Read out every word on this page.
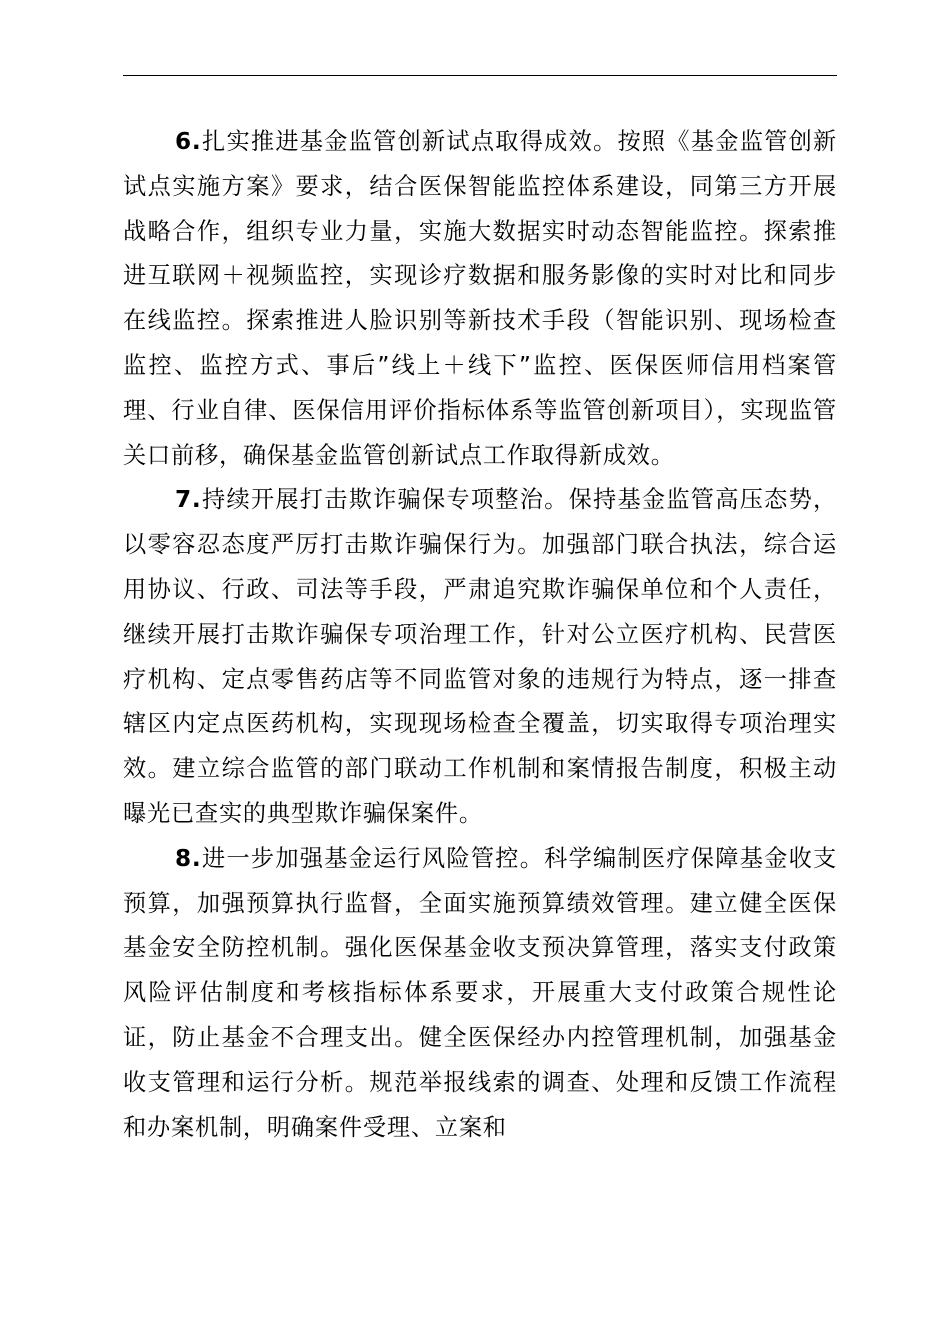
6.扎实推进基金监管创新试点取得成效。按照《基金监管创新试点实施方案》要求，结合医保智能监控体系建设，同第三方开展战略合作，组织专业力量，实施大数据实时动态智能监控。探索推进互联网＋视频监控，实现诊疗数据和服务影像的实时对比和同步在线监控。探索推进人脸识别等新技术手段（智能识别、现场检查监控、监控方式、事后”线上＋线下”监控、医保医师信用档案管理、行业自律、医保信用评价指标体系等监管创新项目），实现监管关口前移，确保基金监管创新试点工作取得新成效。

7.持续开展打击欺诈骗保专项整治。保持基金监管高压态势，以零容忍态度严厉打击欺诈骗保行为。加强部门联合执法，综合运用协议、行政、司法等手段，严肃追究欺诈骗保单位和个人责任，继续开展打击欺诈骗保专项治理工作，针对公立医疗机构、民营医疗机构、定点零售药店等不同监管对象的违规行为特点，逐一排查辖区内定点医药机构，实现现场检查全覆盖，切实取得专项治理实效。建立综合监管的部门联动工作机制和案情报告制度，积极主动曝光已查实的典型欺诈骗保案件。

8.进一步加强基金运行风险管控。科学编制医疗保障基金收支预算，加强预算执行监督，全面实施预算绩效管理。建立健全医保基金安全防控机制。强化医保基金收支预决算管理，落实支付政策风险评估制度和考核指标体系要求，开展重大支付政策合规性论证，防止基金不合理支出。健全医保经办内控管理机制，加强基金收支管理和运行分析。规范举报线索的调查、处理和反馈工作流程和办案机制，明确案件受理、立案和
